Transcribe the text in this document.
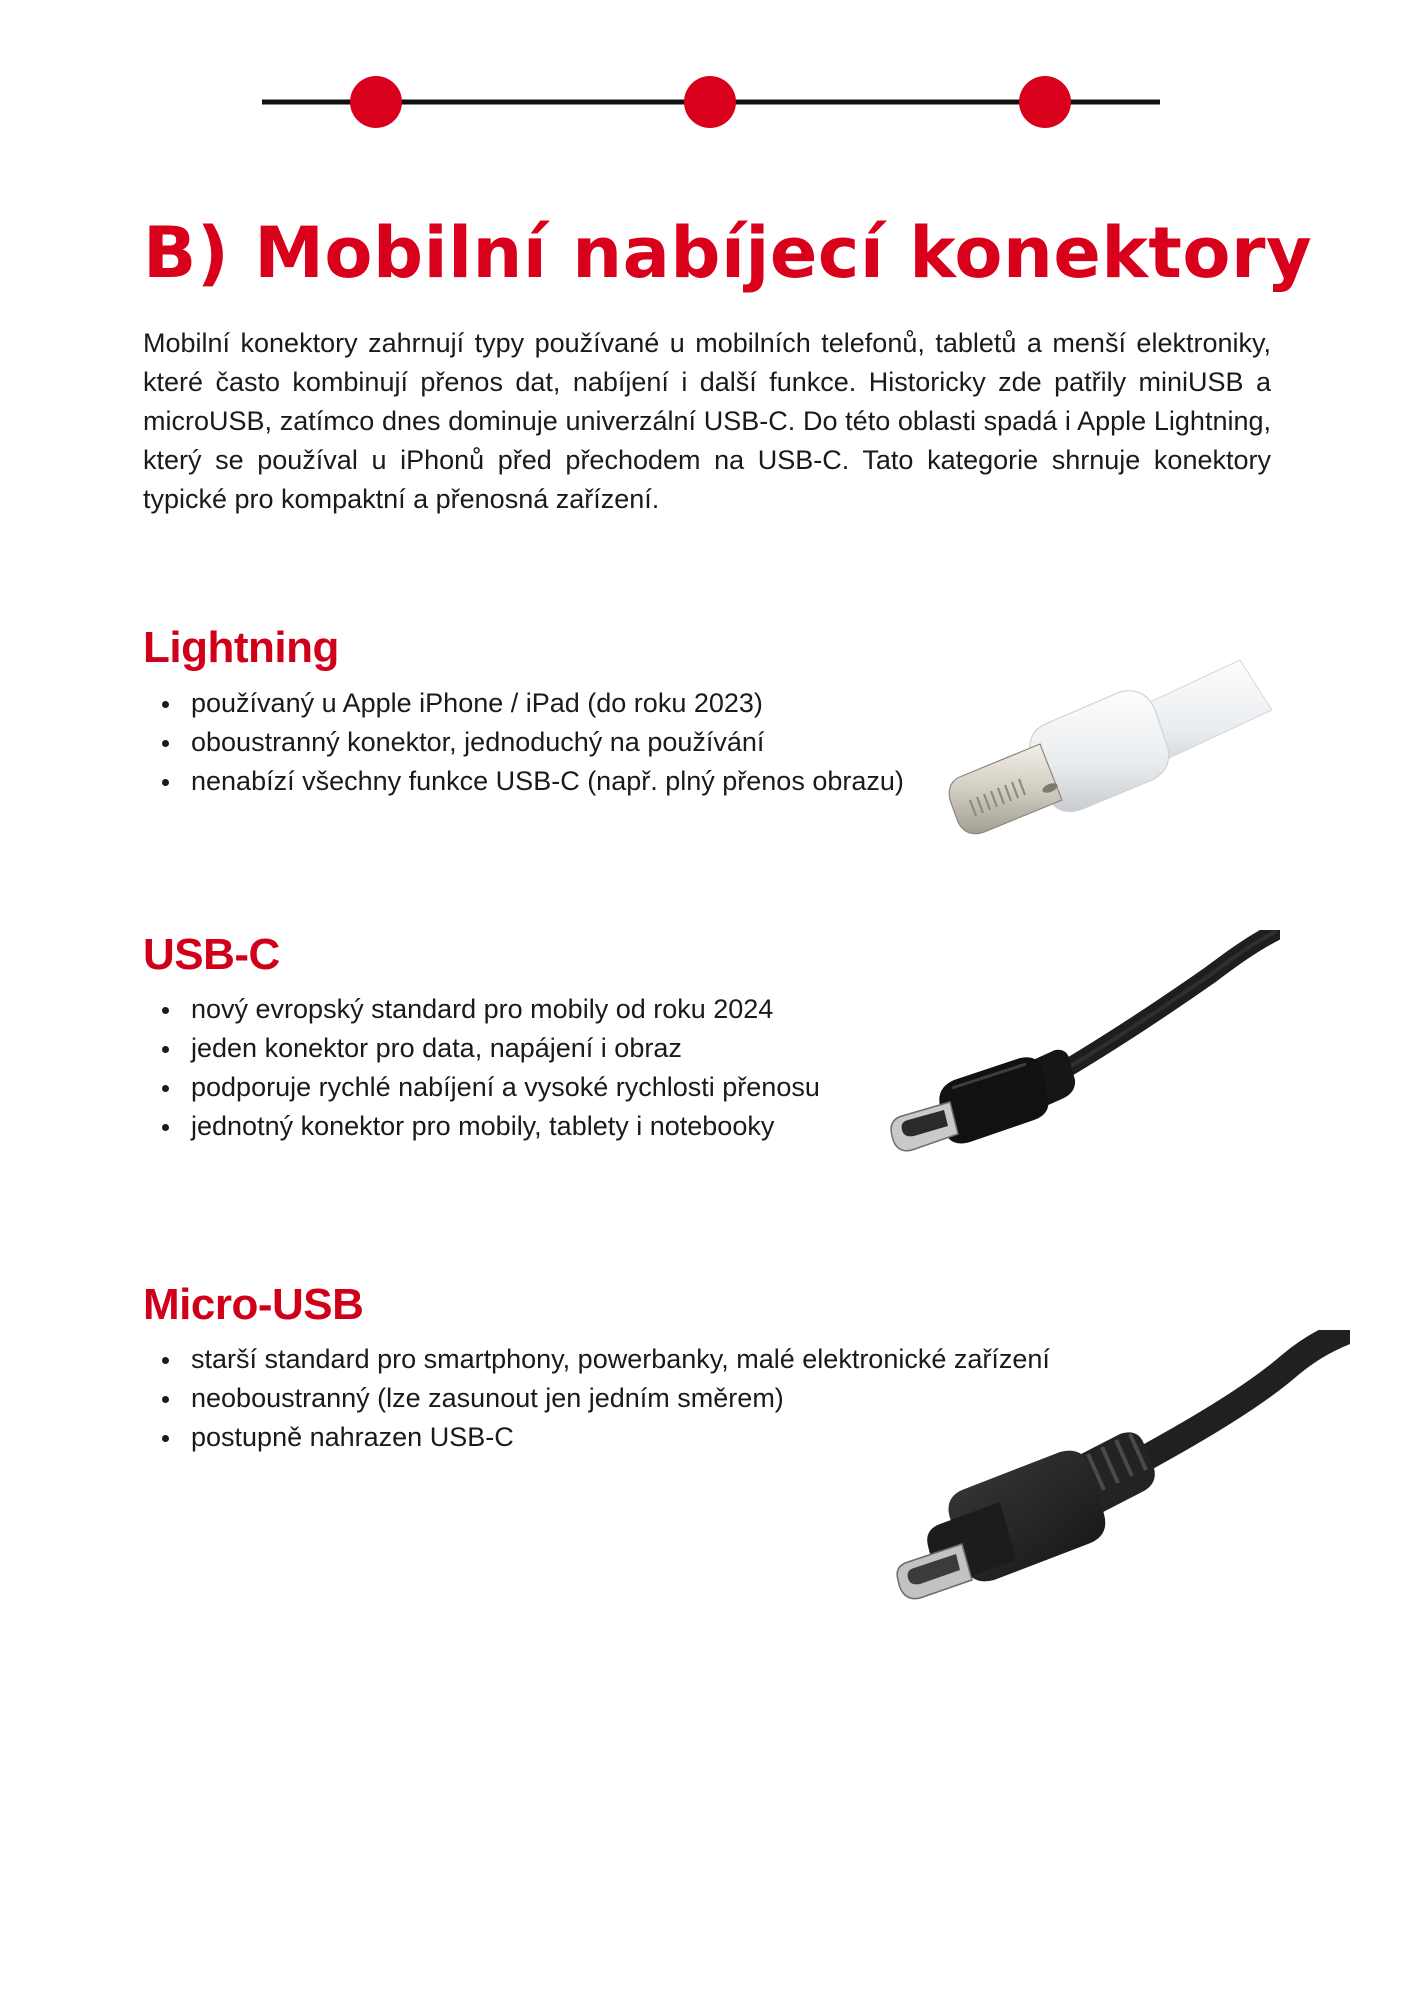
B) Mobilní nabíjecí konektory

Mobilní konektory zahrnují typy používané u mobilních telefonů, tabletů a menší elektroniky, které často kombinují přenos dat, nabíjení i další funkce. Historicky zde patřily miniUSB a microUSB, zatímco dnes dominuje univerzální USB-C. Do této oblasti spadá i Apple Lightning, který se používal u iPhonů před přechodem na USB-C. Tato kategorie shrnuje konektory typické pro kompaktní a přenosná zařízení.

Lightning
používaný u Apple iPhone / iPad (do roku 2023)
oboustranný konektor, jednoduchý na používání
nenabízí všechny funkce USB-C (např. plný přenos obrazu)
USB-C
nový evropský standard pro mobily od roku 2024
jeden konektor pro data, napájení i obraz
podporuje rychlé nabíjení a vysoké rychlosti přenosu
jednotný konektor pro mobily, tablety i notebooky
Micro-USB
starší standard pro smartphony, powerbanky, malé elektronické zařízení
neoboustranný (lze zasunout jen jedním směrem)
postupně nahrazen USB-C
